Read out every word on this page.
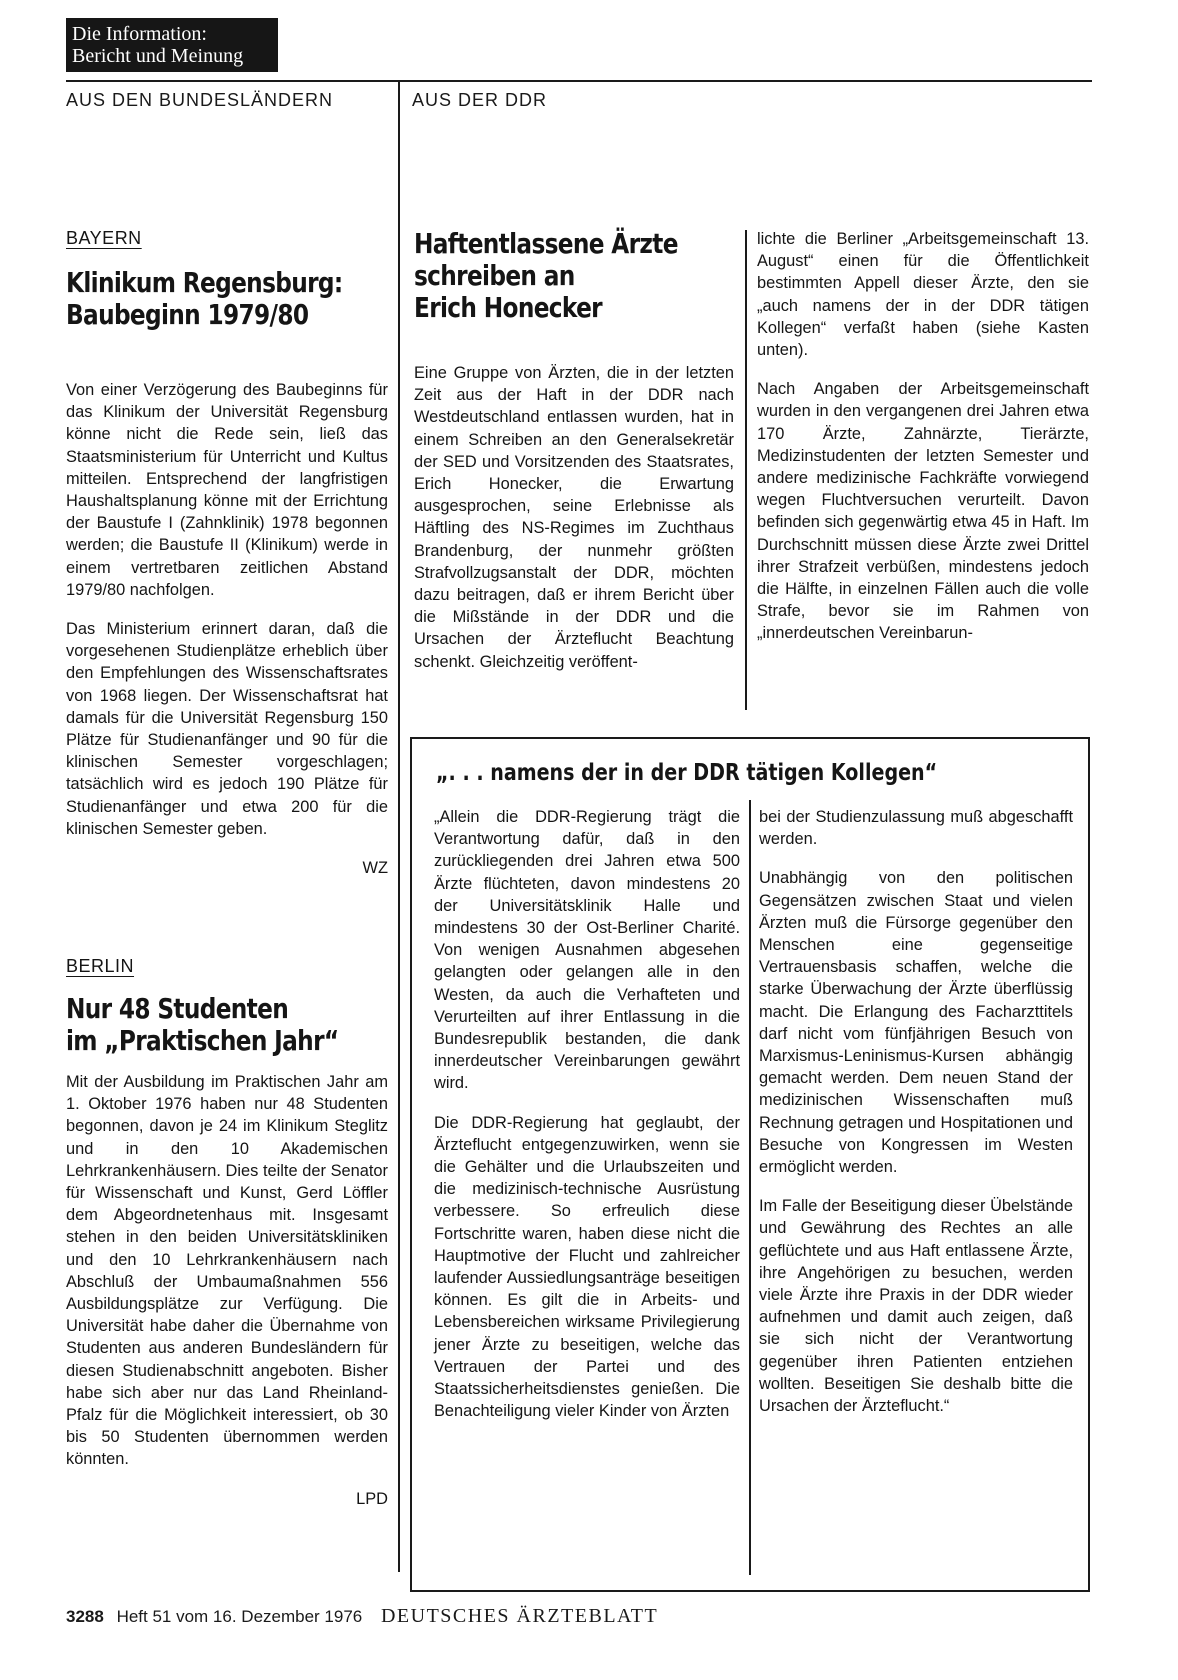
Die Information:
Bericht und Meinung
AUS DEN BUNDESLÄNDERN	AUS DER DDR
BAYERN
Klinikum Regensburg:
Baubeginn 1979/80

Von einer Verzögerung des Baubeginns für das Klinikum der Universität Regensburg könne nicht die Rede sein, ließ das Staatsministerium für Unterricht und Kultus mitteilen. Entsprechend der langfristigen Haushaltsplanung könne mit der Errichtung der Baustufe I (Zahnklinik) 1978 begonnen werden; die Baustufe II (Klinikum) werde in einem vertretbaren zeitlichen Abstand 1979/80 nachfolgen.

Das Ministerium erinnert daran, daß die vorgesehenen Studienplätze erheblich über den Empfehlungen des Wissenschaftsrates von 1968 liegen. Der Wissenschaftsrat hat damals für die Universität Regensburg 150 Plätze für Studienanfänger und 90 für die klinischen Semester vorgeschlagen; tatsächlich wird es jedoch 190 Plätze für Studienanfänger und etwa 200 für die klinischen Semester geben.

WZ
BERLIN
Nur 48 Studenten
im „Praktischen Jahr“

Mit der Ausbildung im Praktischen Jahr am 1. Oktober 1976 haben nur 48 Studenten begonnen, davon je 24 im Klinikum Steglitz und in den 10 Akademischen Lehrkrankenhäusern. Dies teilte der Senator für Wissenschaft und Kunst, Gerd Löffler dem Abgeordnetenhaus mit. Insgesamt stehen in den beiden Universitätskliniken und den 10 Lehrkrankenhäusern nach Abschluß der Umbaumaßnahmen 556 Ausbildungsplätze zur Verfügung. Die Universität habe daher die Übernahme von Studenten aus anderen Bundesländern für diesen Studienabschnitt angeboten. Bisher habe sich aber nur das Land Rheinland-Pfalz für die Möglichkeit interessiert, ob 30 bis 50 Studenten übernommen werden könnten.

LPD
Haftentlassene Ärzte
schreiben an
Erich Honecker

Eine Gruppe von Ärzten, die in der letzten Zeit aus der Haft in der DDR nach Westdeutschland entlassen wurden, hat in einem Schreiben an den Generalsekretär der SED und Vorsitzenden des Staatsrates, Erich Honecker, die Erwartung ausgesprochen, seine Erlebnisse als Häftling des NS-Regimes im Zuchthaus Brandenburg, der nunmehr größten Strafvollzugsanstalt der DDR, möchten dazu beitragen, daß er ihrem Bericht über die Mißstände in der DDR und die Ursachen der Ärzteflucht Beachtung schenkt. Gleichzeitig veröffent-

lichte die Berliner „Arbeitsgemeinschaft 13. August“ einen für die Öffentlichkeit bestimmten Appell dieser Ärzte, den sie „auch namens der in der DDR tätigen Kollegen“ verfaßt haben (siehe Kasten unten).

Nach Angaben der Arbeitsgemeinschaft wurden in den vergangenen drei Jahren etwa 170 Ärzte, Zahnärzte, Tierärzte, Medizinstudenten der letzten Semester und andere medizinische Fachkräfte vorwiegend wegen Fluchtversuchen verurteilt. Davon befinden sich gegenwärtig etwa 45 in Haft. Im Durchschnitt müssen diese Ärzte zwei Drittel ihrer Strafzeit verbüßen, mindestens jedoch die Hälfte, in einzelnen Fällen auch die volle Strafe, bevor sie im Rahmen von „innerdeutschen Vereinbarun-

„. . . namens der in der DDR tätigen Kollegen“

„Allein die DDR-Regierung trägt die Verantwortung dafür, daß in den zurückliegenden drei Jahren etwa 500 Ärzte flüchteten, davon mindestens 20 der Universitätsklinik Halle und mindestens 30 der Ost-Berliner Charité. Von wenigen Ausnahmen abgesehen gelangten oder gelangen alle in den Westen, da auch die Verhafteten und Verurteilten auf ihrer Entlassung in die Bundesrepublik bestanden, die dank innerdeutscher Vereinbarungen gewährt wird.

Die DDR-Regierung hat geglaubt, der Ärzteflucht entgegenzuwirken, wenn sie die Gehälter und die Urlaubszeiten und die medizinisch-technische Ausrüstung verbessere. So erfreulich diese Fortschritte waren, haben diese nicht die Hauptmotive der Flucht und zahlreicher laufender Aussiedlungsanträge beseitigen können. Es gilt die in Arbeits- und Lebensbereichen wirksame Privilegierung jener Ärzte zu beseitigen, welche das Vertrauen der Partei und des Staatssicherheitsdienstes genießen. Die Benachteiligung vieler Kinder von Ärzten

bei der Studienzulassung muß abgeschafft werden.

Unabhängig von den politischen Gegensätzen zwischen Staat und vielen Ärzten muß die Fürsorge gegenüber den Menschen eine gegenseitige Vertrauensbasis schaffen, welche die starke Überwachung der Ärzte überflüssig macht. Die Erlangung des Facharzttitels darf nicht vom fünfjährigen Besuch von Marxismus-Leninismus-Kursen abhängig gemacht werden. Dem neuen Stand der medizinischen Wissenschaften muß Rechnung getragen und Hospitationen und Besuche von Kongressen im Westen ermöglicht werden.

Im Falle der Beseitigung dieser Übelstände und Gewährung des Rechtes an alle geflüchtete und aus Haft entlassene Ärzte, ihre Angehörigen zu besuchen, werden viele Ärzte ihre Praxis in der DDR wieder aufnehmen und damit auch zeigen, daß sie sich nicht der Verantwortung gegenüber ihren Patienten entziehen wollten. Beseitigen Sie deshalb bitte die Ursachen der Ärzteflucht.“

3288 Heft 51 vom 16. Dezember 1976 DEUTSCHES ÄRZTEBLATT
